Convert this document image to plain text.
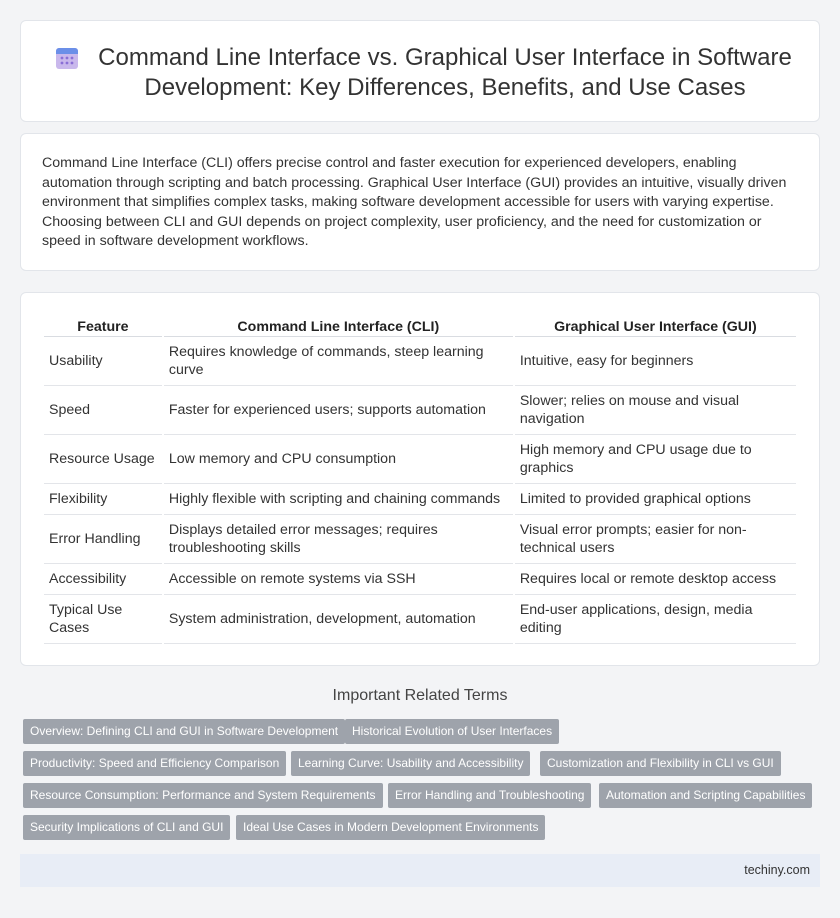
Command Line Interface vs. Graphical User Interface in Software Development: Key Differences, Benefits, and Use Cases

Command Line Interface (CLI) offers precise control and faster execution for experienced developers, enabling automation through scripting and batch processing. Graphical User Interface (GUI) provides an intuitive, visually driven environment that simplifies complex tasks, making software development accessible for users with varying expertise. Choosing between CLI and GUI depends on project complexity, user proficiency, and the need for customization or speed in software development workflows.

Feature	Command Line Interface (CLI)	Graphical User Interface (GUI)
Usability	Requires knowledge of commands, steep learning curve	Intuitive, easy for beginners
Speed	Faster for experienced users; supports automation	Slower; relies on mouse and visual navigation
Resource Usage	Low memory and CPU consumption	High memory and CPU usage due to graphics
Flexibility	Highly flexible with scripting and chaining commands	Limited to provided graphical options
Error Handling	Displays detailed error messages; requires troubleshooting skills	Visual error prompts; easier for non-technical users
Accessibility	Accessible on remote systems via SSH	Requires local or remote desktop access
Typical Use Cases	System administration, development, automation	End-user applications, design, media editing
Important Related Terms
Overview: Defining CLI and GUI in Software Development	Historical Evolution of User Interfaces
Productivity: Speed and Efficiency Comparison	Learning Curve: Usability and Accessibility	Customization and Flexibility in CLI vs GUI
Resource Consumption: Performance and System Requirements	Error Handling and Troubleshooting	Automation and Scripting Capabilities
Security Implications of CLI and GUI	Ideal Use Cases in Modern Development Environments
techiny.com
